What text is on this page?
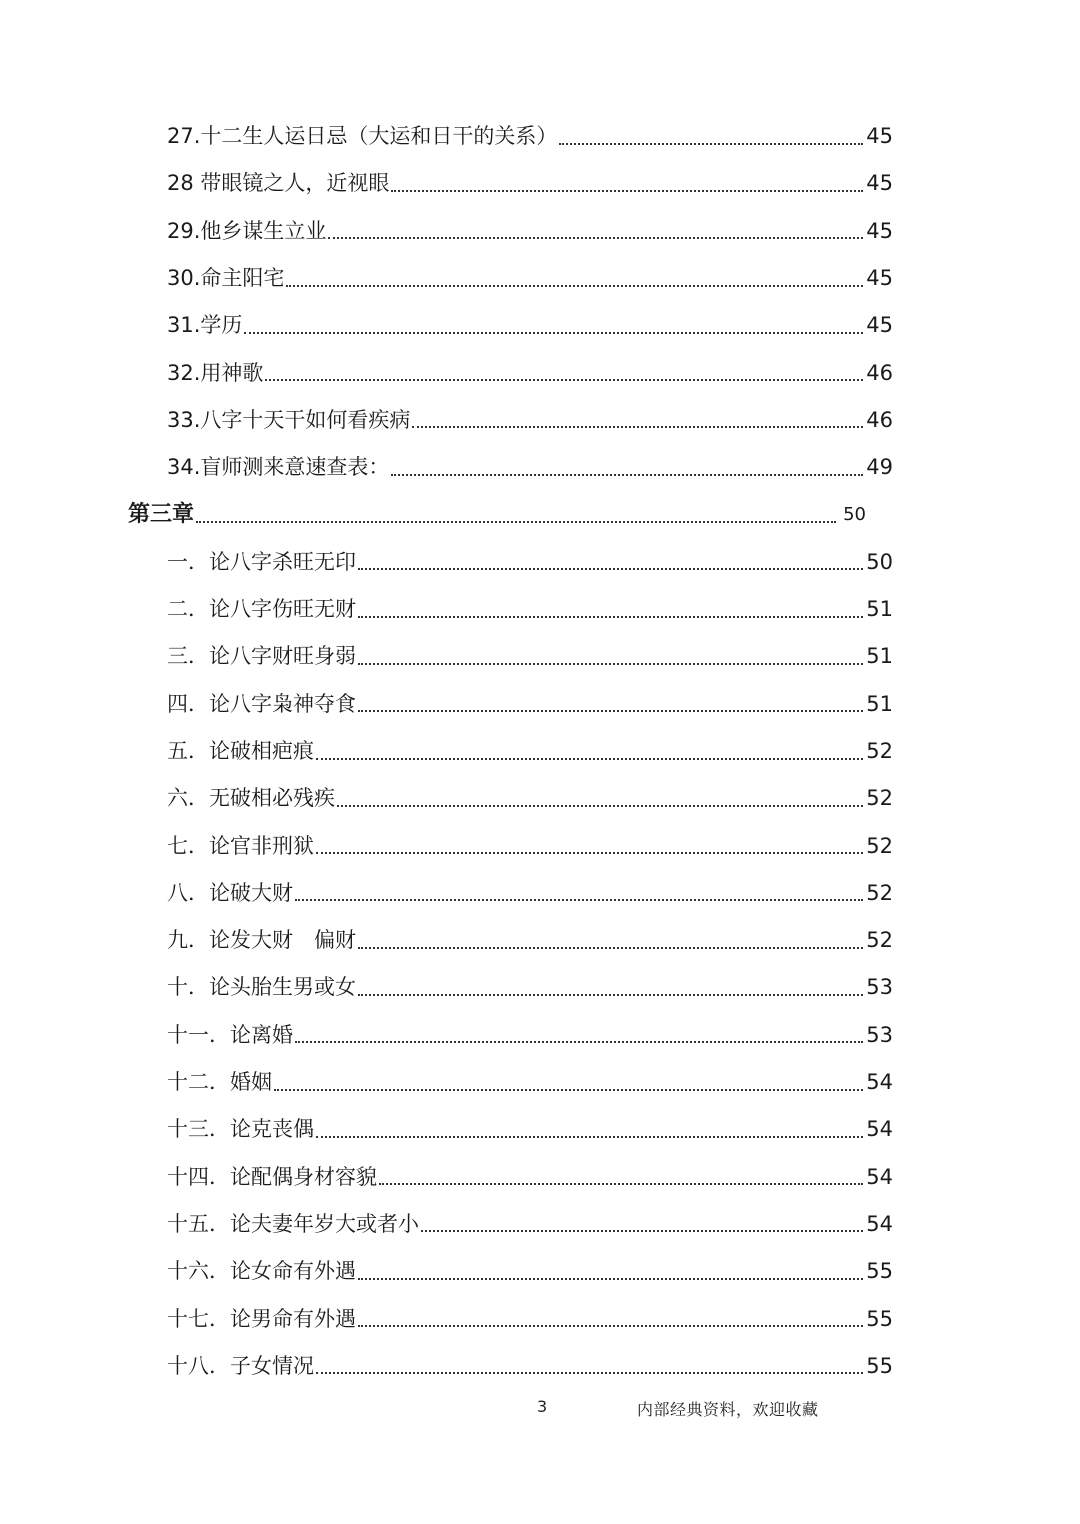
27.十二生人运日忌（大运和日干的关系）	45
28 带眼镜之人，近视眼	45
29.他乡谋生立业	45
30.命主阳宅	45
31.学历	45
32.用神歌	46
33.八字十天干如何看疾病	46
34.盲师测来意速查表：	49
第三章	50
一．论八字杀旺无印	50
二．论八字伤旺无财	51
三．论八字财旺身弱	51
四．论八字枭神夺食	51
五．论破相疤痕	52
六．无破相必残疾	52
七．论官非刑狱	52
八．论破大财	52
九．论发大财　偏财	52
十．论头胎生男或女	53
十一．论离婚	53
十二．婚姻	54
十三．论克丧偶	54
十四．论配偶身材容貌	54
十五．论夫妻年岁大或者小	54
十六．论女命有外遇	55
十七．论男命有外遇	55
十八．子女情况	55
3	内部经典资料，欢迎收藏
